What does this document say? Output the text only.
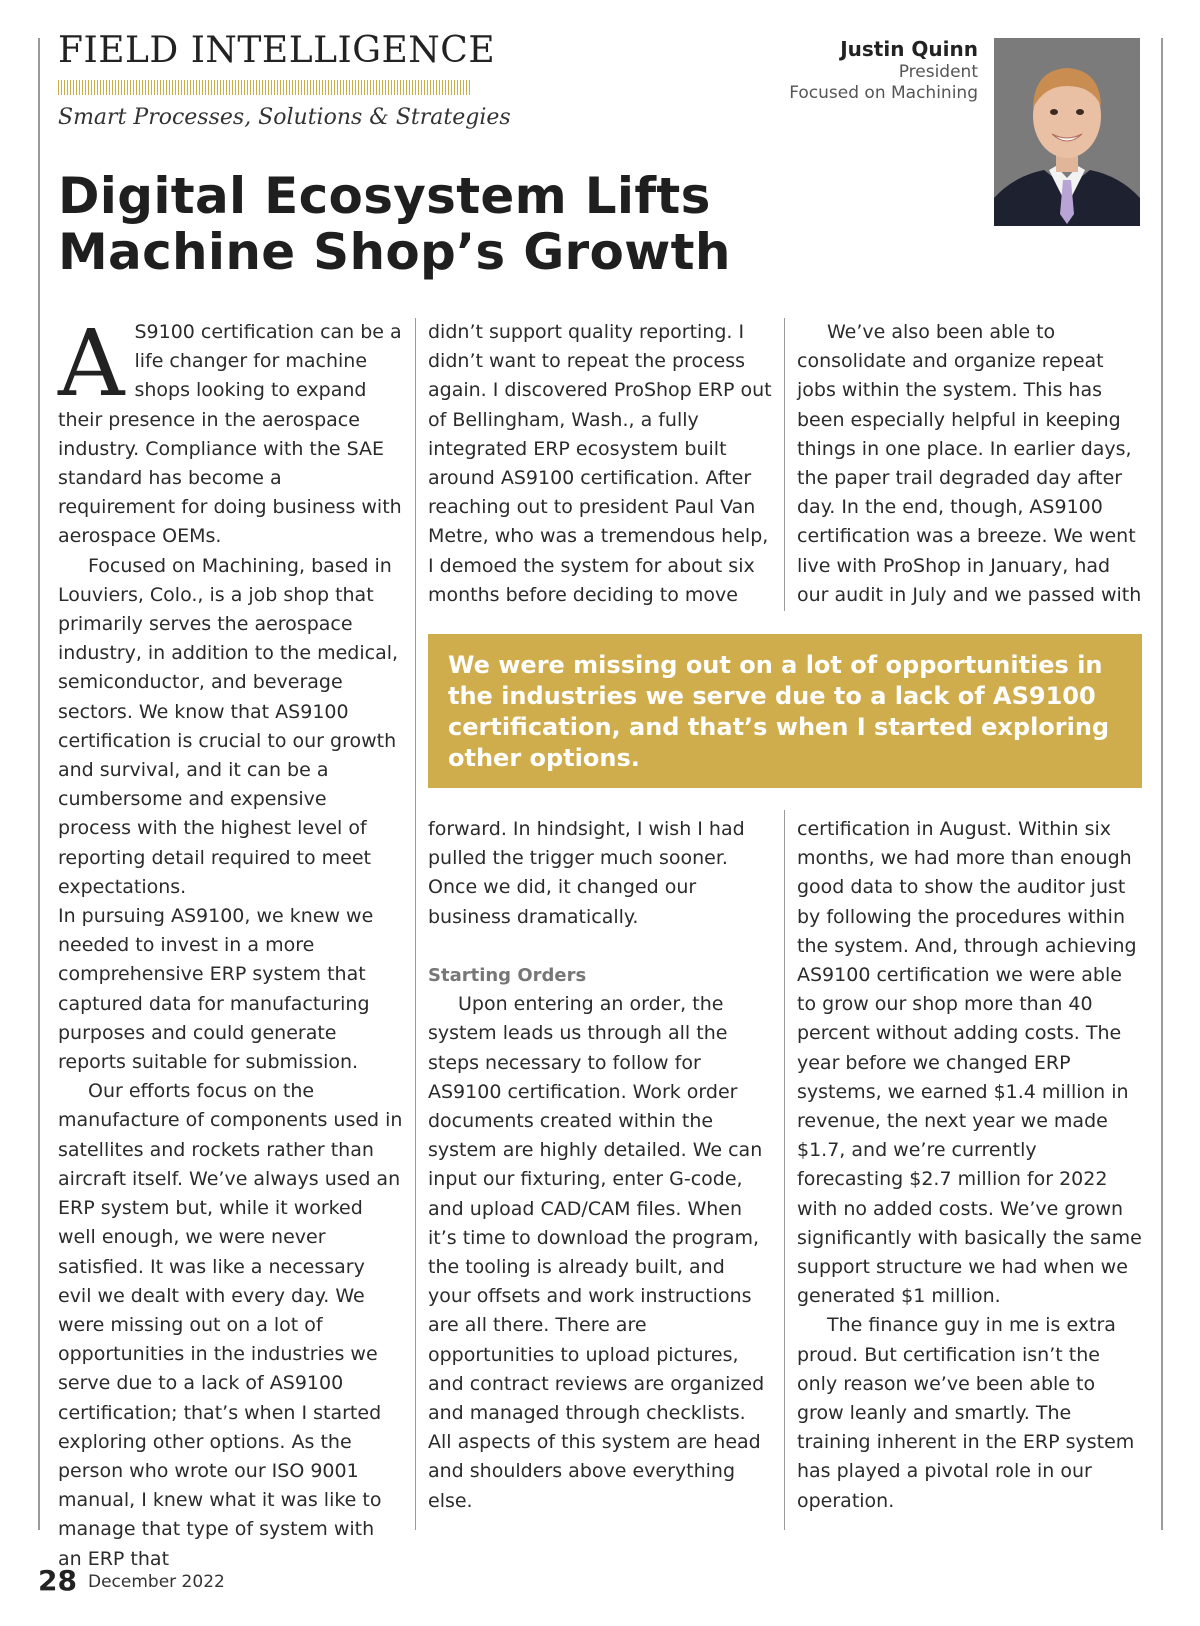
FIELD INTELLIGENCE
Smart Processes, Solutions & Strategies
Justin Quinn
President
Focused on Machining
Digital Ecosystem Lifts
Machine Shop’s Growth

A S9100 certification can be a life changer for machine shops looking to expand their presence in the aerospace industry. Compliance with the SAE standard has become a requirement for doing business with aerospace OEMs.

Focused on Machining, based in Louviers, Colo., is a job shop that primarily serves the aerospace industry, in addition to the medical, semiconductor, and beverage sectors. We know that AS9100 certification is crucial to our growth and survival, and it can be a cumbersome and expensive process with the highest level of reporting detail required to meet expectations.

In pursuing AS9100, we knew we needed to invest in a more comprehensive ERP system that captured data for manufacturing purposes and could generate reports suitable for submission.

Our efforts focus on the manufacture of components used in satellites and rockets rather than aircraft itself. We’ve always used an ERP system but, while it worked well enough, we were never satisfied. It was like a necessary evil we dealt with every day. We were missing out on a lot of opportunities in the industries we serve due to a lack of AS9100 certification; that’s when I started exploring other options. As the person who wrote our ISO 9001 manual, I knew what it was like to manage that type of system with an ERP that

didn’t support quality reporting. I didn’t want to repeat the process again. I discovered ProShop ERP out of Bellingham, Wash., a fully integrated ERP ecosystem built around AS9100 certification. After reaching out to president Paul Van Metre, who was a tremendous help, I demoed the system for about six months before deciding to move

We’ve also been able to consolidate and organize repeat jobs within the system. This has been especially helpful in keeping things in one place. In earlier days, the paper trail degraded day after day. In the end, though, AS9100 certification was a breeze. We went live with ProShop in January, had our audit in July and we passed with

We were missing out on a lot of opportunities in the industries we serve due to a lack of AS9100 certification, and that’s when I started exploring other options.

forward. In hindsight, I wish I had pulled the trigger much sooner. Once we did, it changed our business dramatically.

Starting Orders

Upon entering an order, the system leads us through all the steps necessary to follow for AS9100 certification. Work order documents created within the system are highly detailed. We can input our fixturing, enter G-code, and upload CAD/CAM files. When it’s time to download the program, the tooling is already built, and your offsets and work instructions are all there. There are opportunities to upload pictures, and contract reviews are organized and managed through checklists. All aspects of this system are head and shoulders above everything else.

certification in August. Within six months, we had more than enough good data to show the auditor just by following the procedures within the system. And, through achieving AS9100 certification we were able to grow our shop more than 40 percent without adding costs. The year before we changed ERP systems, we earned $1.4 million in revenue, the next year we made $1.7, and we’re currently forecasting $2.7 million for 2022 with no added costs. We’ve grown significantly with basically the same support structure we had when we generated $1 million.

The finance guy in me is extra proud. But certification isn’t the only reason we’ve been able to grow leanly and smartly. The training inherent in the ERP system has played a pivotal role in our operation.

28 December 2022
